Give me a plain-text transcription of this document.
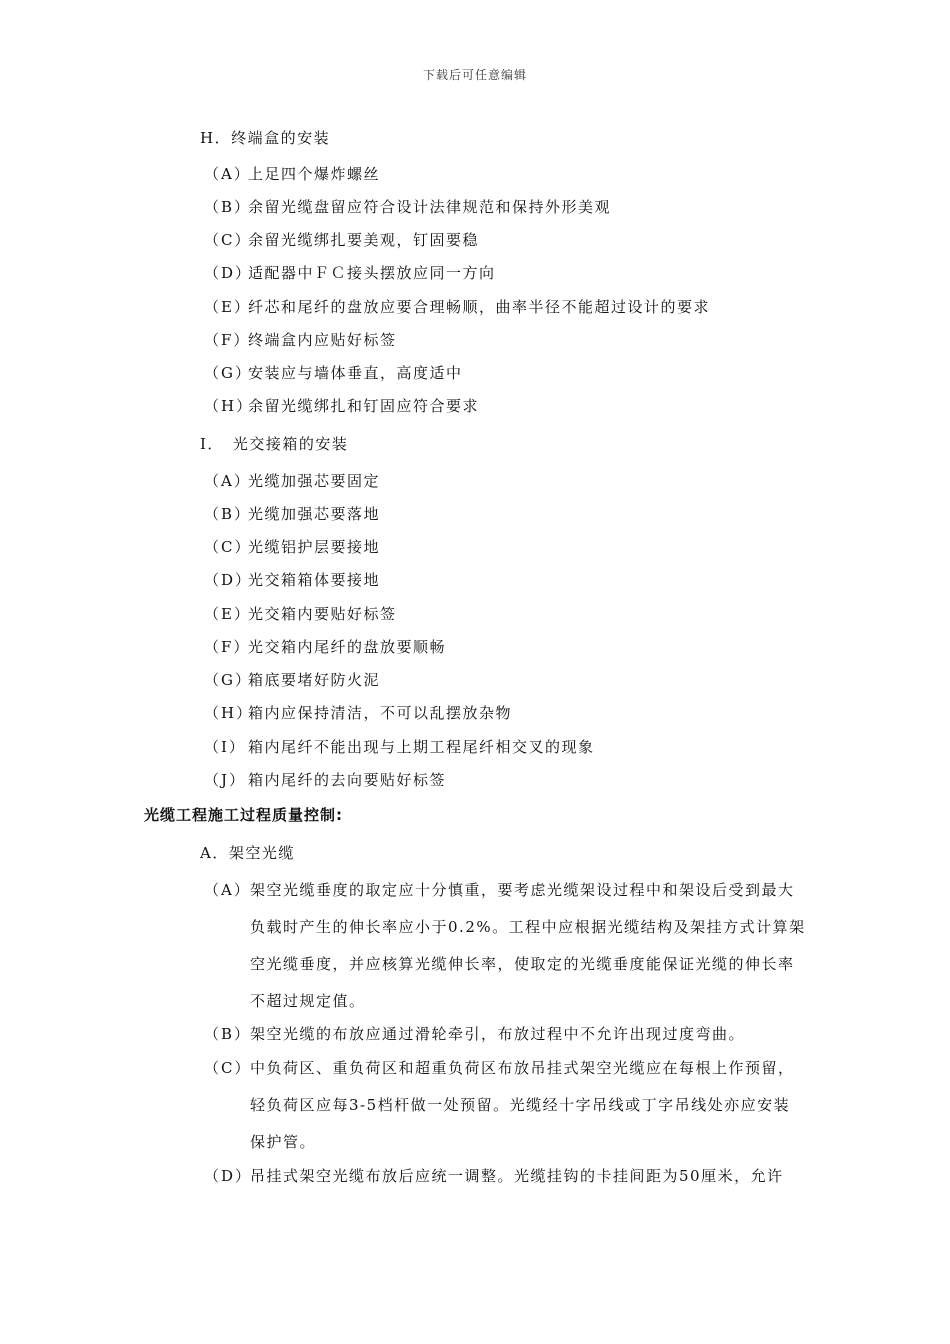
下载后可任意编辑
H．终端盒的安装
（A）上足四个爆炸螺丝
（B）余留光缆盘留应符合设计法律规范和保持外形美观
（C）余留光缆绑扎要美观，钉固要稳
（D）适配器中ＦＣ接头摆放应同一方向
（E）纤芯和尾纤的盘放应要合理畅顺，曲率半径不能超过设计的要求
（F）终端盒内应贴好标签
（G）安装应与墙体垂直，高度适中
（H）余留光缆绑扎和钉固应符合要求
I．　光交接箱的安装
（A）光缆加强芯要固定
（B）光缆加强芯要落地
（C）光缆铝护层要接地
（D）光交箱箱体要接地
（E）光交箱内要贴好标签
（F）光交箱内尾纤的盘放要顺畅
（G）箱底要堵好防火泥
（H）箱内应保持清洁，不可以乱摆放杂物
（I） 箱内尾纤不能出现与上期工程尾纤相交叉的现象
（J） 箱内尾纤的去向要贴好标签
光缆工程施工过程质量控制:
A．架空光缆
（A） 架空光缆垂度的取定应十分慎重，要考虑光缆架设过程中和架设后受到最大
负载时产生的伸长率应小于0.2%。工程中应根据光缆结构及架挂方式计算架
空光缆垂度，并应核算光缆伸长率，使取定的光缆垂度能保证光缆的伸长率
不超过规定值。
（B）
架空光缆的布放应通过滑轮牵引，布放过程中不允许出现过度弯曲。
（C）
中负荷区、重负荷区和超重负荷区布放吊挂式架空光缆应在每根上作预留，
轻负荷区应每3-5档杆做一处预留。光缆经十字吊线或丁字吊线处亦应安装
保护管。
（D）
吊挂式架空光缆布放后应统一调整。光缆挂钩的卡挂间距为50厘米，允许
